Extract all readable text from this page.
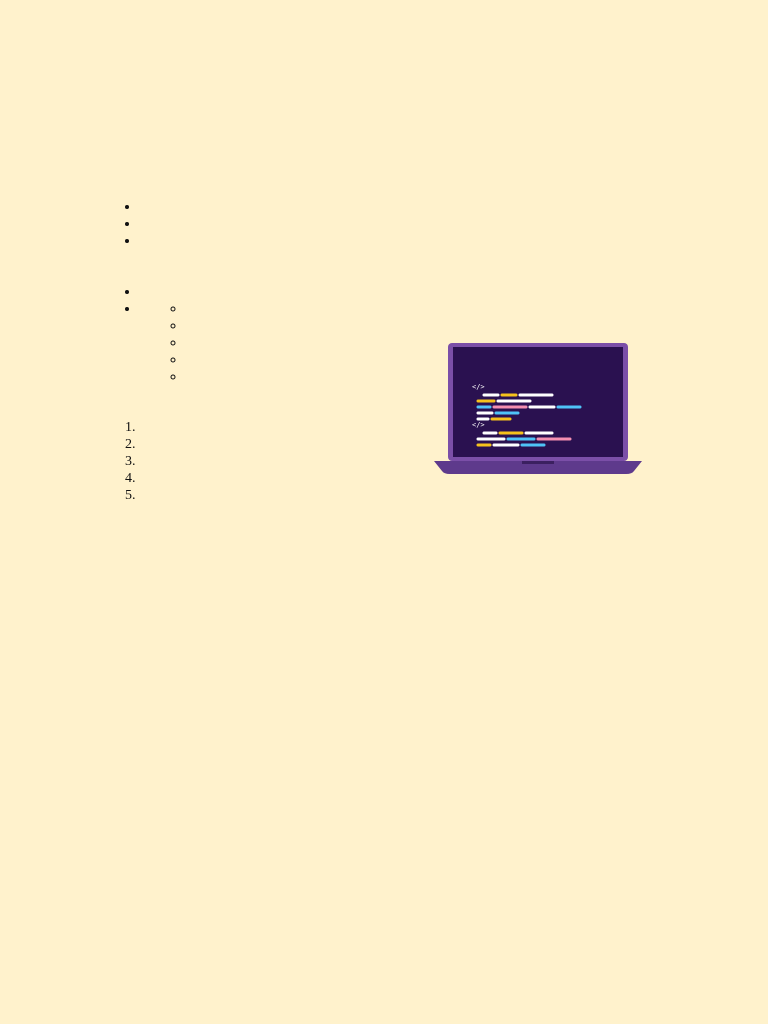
•
•
•

•
•
◦
◦
◦
◦
◦

1.
2.
3.
4.
5.

</>
</>
